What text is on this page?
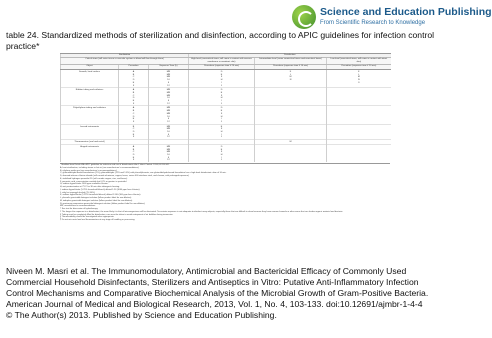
Science and Education Publishing
From Scientific Research to Knowledge
table 24. Standardized methods of sterilization and disinfection, according to APIC guidelines for infection control practice*
Sterilization			Disinfection		
Critical items (will enter tissue or vascular system or blood will flow through them)			High-level (semicritical items; will come in contact with mucous membrane or nonintact skin)	Intermediate-level (some semicritical items and noncritical items)	Low-level (noncritical items; will come in contact with intact skin)
Object	Procedure	Exposure Time (h)	Procedure (exposure time ≥ 20 min)	Procedure (exposure time ≤ 10 min)	Procedure (exposure time ≤ 10 min)
Smooth, hard surface	A	MR	D	K	K
	B	MR	E	L	L
	C	MR	F	M	M
	D	10	H	N	N
	E	6	I		O
	F	12	J		
Rubber tubing and catheters	A	MR	D		
	B	MR	E		
	C	MR	F		
	D	10	H		
	E	6	I		
	F	12	J		
Polyethylene tubing and catheters	A	MR	D		
	B	MR	E		
	C	MR	F		
	D	10	H		
	E	6	I		
	F	12	J		
Lensed instruments	B	MR	E		
	C	MR	F		
	D	10	H		
	E	6	I		
	F	12	J		
Thermometers (oral and rectal)				M	
Hinged instruments	A	MR	D		
	B	MR	E		
	C	MR	F		
	D	10	H		
	E	6	I		
	F	12	J		
* Modified from Rutala WA. APIC guideline for selection and use of disinfectants. Am J Infect Control. 1996;24:313-342.
A, heat sterilization, including steam or hot air (see manufacturer's recommendations).
B, ethylene oxide gas (see manufacturer's recommendations).
C, glutaraldehyde-based formulations (2%); glutaraldehyde (12% and 1.6%) with phenol/phenate; one glutaraldehyde-based formulation has a high-level disinfectant claim of 10 min.
D, demand-release chlorine dioxide (will corrode aluminum, copper, brass, series 400 stainless steel, and chrome, with prolonged exposure).
E, stabilized hydrogen peroxide 6% (will corrode copper, zinc, and brass).
F, peracetic acid, concentration variable but 0.2% or greater is sporicidal.
G, sodium hypochlorite 1000 ppm available chlorine.
H, wet pasteurization at 75°C for 30 min after detergent cleaning.
I, sodium hypochlorite (5.25% household bleach) diluted 1:50 (1000 ppm free chlorine).
J, ethyl or isopropyl alcohol (70–90%).
K, sodium hypochlorite (5.25% household bleach) diluted 1:500 (100 ppm free chlorine).
L, phenolic germicidal detergent solution (follow product label for use-dilution).
M, iodophor germicidal detergent solution (follow product label for use-dilution).
N, quaternary ammonium germicidal detergent solution (follow product label for use-dilution).
MR, manufacturer's recommendations.
† See text for discussion of hydrotherapy.
‡ The longer the exposure to a disinfectant, the more likely it is that all microorganisms will be eliminated. Ten-minute exposure is not adequate to disinfect many objects, especially those that are difficult to clean because they have narrow channels or other areas that can harbor organic material and bacteria.
§ Tubing must be completely filled for disinfection; care must be taken to avoid entrapment of air bubbles during immersion.
|| Thermostability should be investigated when appropriate.
¶ Do not mix rectal and oral thermometers at any stage of handling or processing.
Niveen M. Masri et al. The Immunomodulatory, Antimicrobial and Bactericidal Efficacy of Commonly Used Commercial Household Disinfectants, Sterilizers and Antiseptics in Vitro: Putative Anti-Inflammatory Infection Control Mechanisms and Comparative Biochemical Analysis of the Microbial Growth of Gram-Positive Bacteria. American Journal of Medical and Biological Research, 2013, Vol. 1, No. 4, 103-133. doi:10.12691/ajmbr-1-4-4
© The Author(s) 2013. Published by Science and Education Publishing.
